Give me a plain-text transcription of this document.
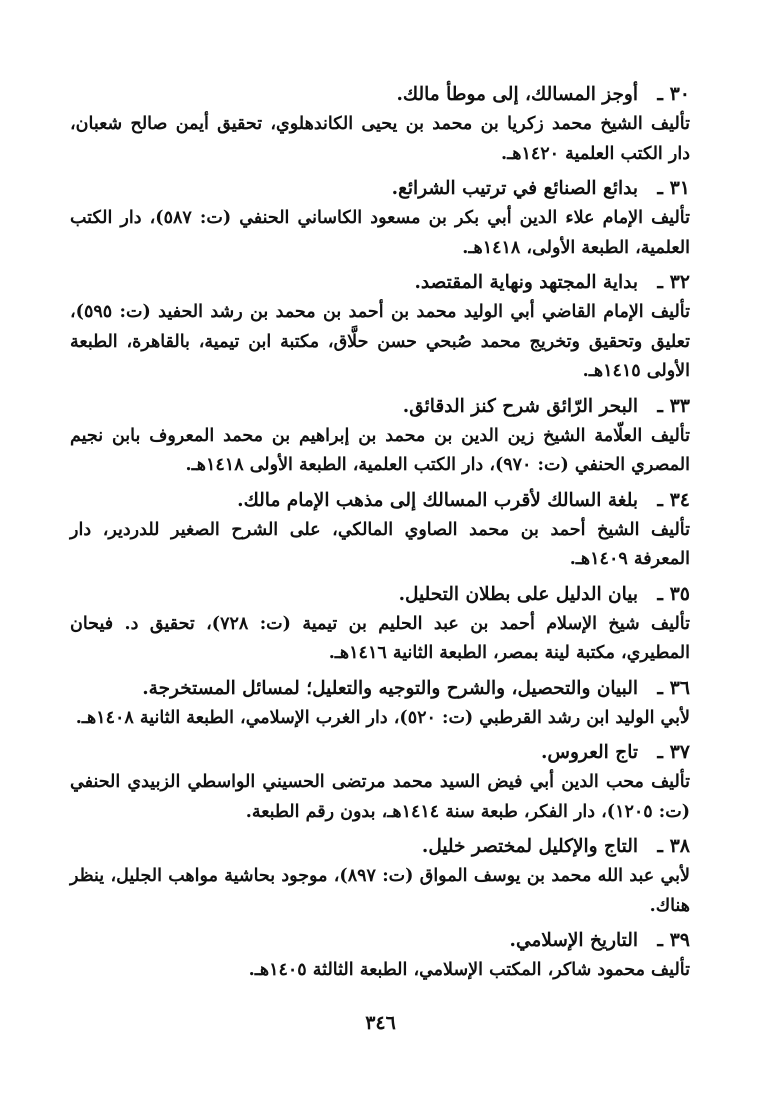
٣٠ ـ
أوجز المسالك، إلى موطأ مالك.
تأليف الشيخ محمد زكريا بن محمد بن يحيى الكاندهلوي، تحقيق أيمن صالح شعبان، دار الكتب العلمية ١٤٢٠هـ.
٣١ ـ
بدائع الصنائع في ترتيب الشرائع.
تأليف الإمام علاء الدين أبي بكر بن مسعود الكاساني الحنفي (ت: ٥٨٧)، دار الكتب العلمية، الطبعة الأولى، ١٤١٨هـ.
٣٢ ـ
بداية المجتهد ونهاية المقتصد.
تأليف الإمام القاضي أبي الوليد محمد بن أحمد بن محمد بن رشد الحفيد (ت: ٥٩٥)، تعليق وتحقيق وتخريج محمد صُبحي حسن حلَّاق، مكتبة ابن تيمية، بالقاهرة، الطبعة الأولى ١٤١٥هـ.
٣٣ ـ
البحر الرّائق شرح كنز الدقائق.
تأليف العلّامة الشيخ زين الدين بن محمد بن إبراهيم بن محمد المعروف بابن نجيم المصري الحنفي (ت: ٩٧٠)، دار الكتب العلمية، الطبعة الأولى ١٤١٨هـ.
٣٤ ـ
بلغة السالك لأقرب المسالك إلى مذهب الإمام مالك.
تأليف الشيخ أحمد بن محمد الصاوي المالكي، على الشرح الصغير للدردير، دار المعرفة ١٤٠٩هـ.
٣٥ ـ
بيان الدليل على بطلان التحليل.
تأليف شيخ الإسلام أحمد بن عبد الحليم بن تيمية (ت: ٧٢٨)، تحقيق د. فيحان المطيري، مكتبة لينة بمصر، الطبعة الثانية ١٤١٦هـ.
٣٦ ـ
البيان والتحصيل، والشرح والتوجيه والتعليل؛ لمسائل المستخرجة.
لأبي الوليد ابن رشد القرطبي (ت: ٥٢٠)، دار الغرب الإسلامي، الطبعة الثانية ١٤٠٨هـ.
٣٧ ـ
تاج العروس.
تأليف محب الدين أبي فيض السيد محمد مرتضى الحسيني الواسطي الزبيدي الحنفي (ت: ١٢٠٥)، دار الفكر، طبعة سنة ١٤١٤هـ، بدون رقم الطبعة.
٣٨ ـ
التاج والإكليل لمختصر خليل.
لأبي عبد الله محمد بن يوسف المواق (ت: ٨٩٧)، موجود بحاشية مواهب الجليل، ينظر هناك.
٣٩ ـ
التاريخ الإسلامي.
تأليف محمود شاكر، المكتب الإسلامي، الطبعة الثالثة ١٤٠٥هـ.
٣٤٦
